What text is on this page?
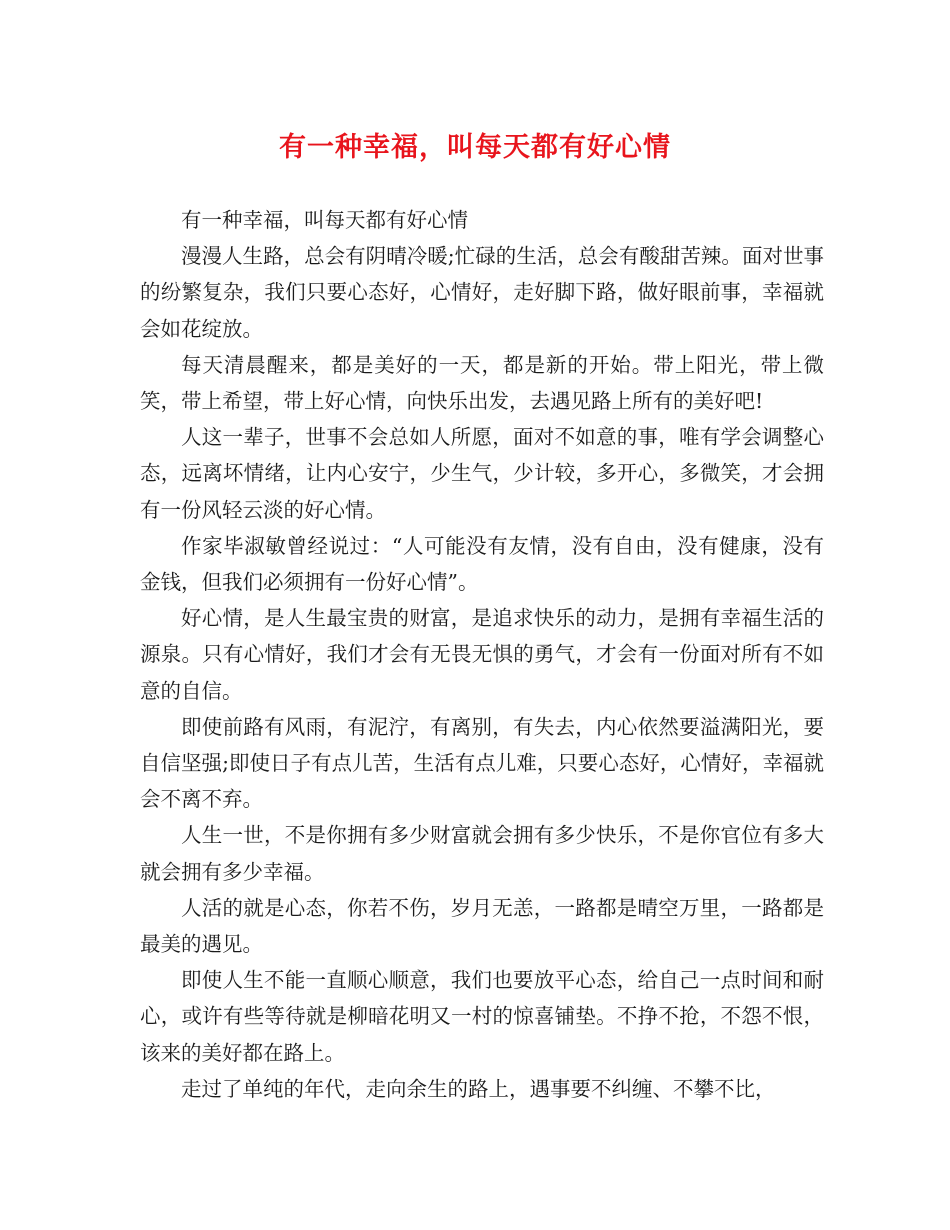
有一种幸福，叫每天都有好心情

有一种幸福，叫每天都有好心情

漫漫人生路，总会有阴晴冷暖;忙碌的生活，总会有酸甜苦辣。面对世事的纷繁复杂，我们只要心态好，心情好，走好脚下路，做好眼前事，幸福就会如花绽放。

每天清晨醒来，都是美好的一天，都是新的开始。带上阳光，带上微笑，带上希望，带上好心情，向快乐出发，去遇见路上所有的美好吧!

人这一辈子，世事不会总如人所愿，面对不如意的事，唯有学会调整心态，远离坏情绪，让内心安宁，少生气，少计较，多开心，多微笑，才会拥有一份风轻云淡的好心情。

作家毕淑敏曾经说过：“人可能没有友情，没有自由，没有健康，没有金钱，但我们必须拥有一份好心情”。

好心情，是人生最宝贵的财富，是追求快乐的动力，是拥有幸福生活的源泉。只有心情好，我们才会有无畏无惧的勇气，才会有一份面对所有不如意的自信。

即使前路有风雨，有泥泞，有离别，有失去，内心依然要溢满阳光，要自信坚强;即使日子有点儿苦，生活有点儿难，只要心态好，心情好，幸福就会不离不弃。

人生一世，不是你拥有多少财富就会拥有多少快乐，不是你官位有多大就会拥有多少幸福。

人活的就是心态，你若不伤，岁月无恙，一路都是晴空万里，一路都是最美的遇见。

即使人生不能一直顺心顺意，我们也要放平心态，给自己一点时间和耐心，或许有些等待就是柳暗花明又一村的惊喜铺垫。不挣不抢，不怨不恨，该来的美好都在路上。

走过了单纯的年代，走向余生的路上，遇事要不纠缠、不攀不比，
